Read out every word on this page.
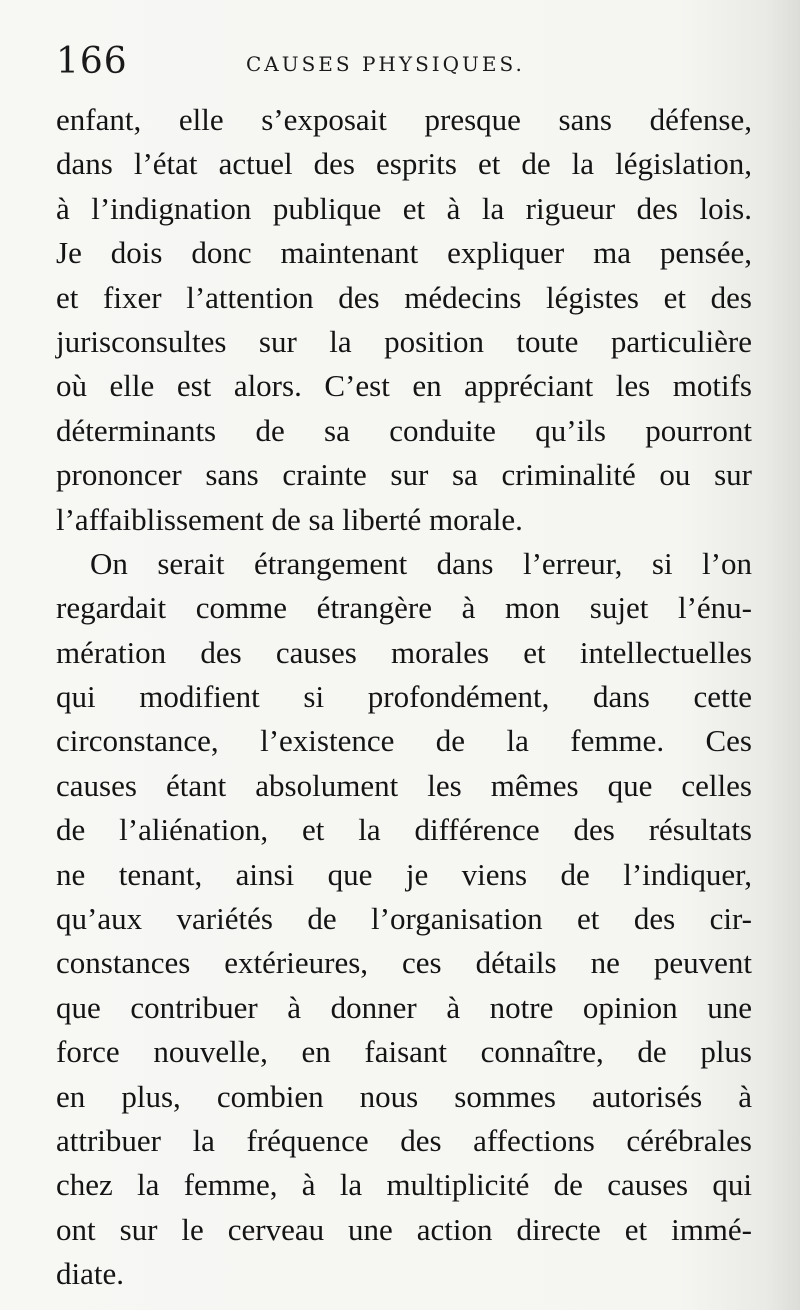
166	CAUSES PHYSIQUES.
enfant, elle s’exposait presque sans défense,
dans l’état actuel des esprits et de la législation,
à l’indignation publique et à la rigueur des lois.
Je dois donc maintenant expliquer ma pensée,
et fixer l’attention des médecins légistes et des
jurisconsultes sur la position toute particulière
où elle est alors. C’est en appréciant les motifs
déterminants de sa conduite qu’ils pourront
prononcer sans crainte sur sa criminalité ou sur
l’affaiblissement de sa liberté morale.
On serait étrangement dans l’erreur, si l’on
regardait comme étrangère à mon sujet l’énu-
mération des causes morales et intellectuelles
qui modifient si profondément, dans cette
circonstance, l’existence de la femme. Ces
causes étant absolument les mêmes que celles
de l’aliénation, et la différence des résultats
ne tenant, ainsi que je viens de l’indiquer,
qu’aux variétés de l’organisation et des cir-
constances extérieures, ces détails ne peuvent
que contribuer à donner à notre opinion une
force nouvelle, en faisant connaître, de plus
en plus, combien nous sommes autorisés à
attribuer la fréquence des affections cérébrales
chez la femme, à la multiplicité de causes qui
ont sur le cerveau une action directe et immé-
diate.
